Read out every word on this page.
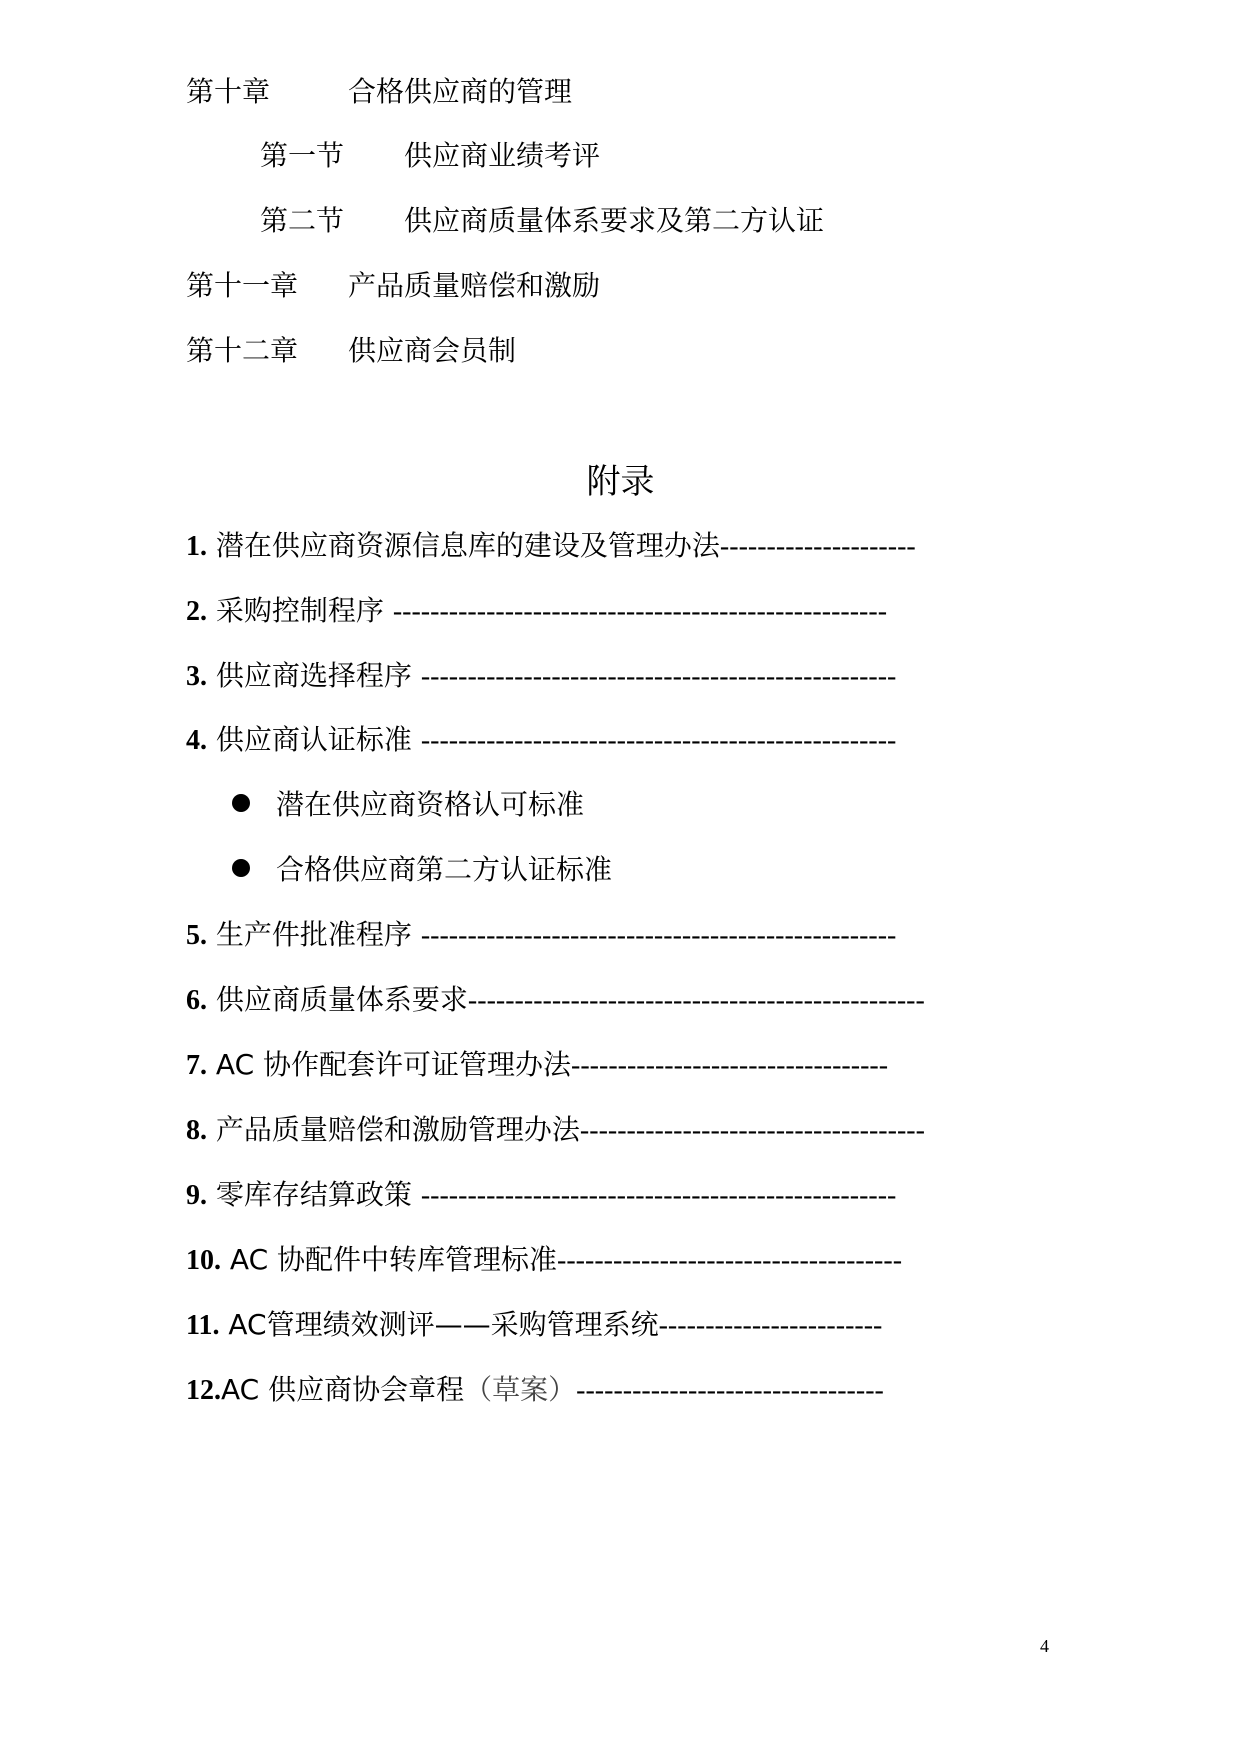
第十章	合格供应商的管理
第一节 供应商业绩考评
第二节 供应商质量体系要求及第二方认证
第十一章 产品质量赔偿和激励
第十二章 供应商会员制
附录
1. 潜在供应商资源信息库的建设及管理办法---------------------
2. 采购控制程序 -----------------------------------------------------
3. 供应商选择程序 ---------------------------------------------------
4. 供应商认证标准 ---------------------------------------------------
潜在供应商资格认可标准
合格供应商第二方认证标准
5. 生产件批准程序 ---------------------------------------------------
6. 供应商质量体系要求-------------------------------------------------
7. AC 协作配套许可证管理办法----------------------------------
8. 产品质量赔偿和激励管理办法-------------------------------------
9. 零库存结算政策 ---------------------------------------------------
10. AC 协配件中转库管理标准-------------------------------------
11. AC管理绩效测评——采购管理系统------------------------
12.AC 供应商协会章程（草案）---------------------------------
4
